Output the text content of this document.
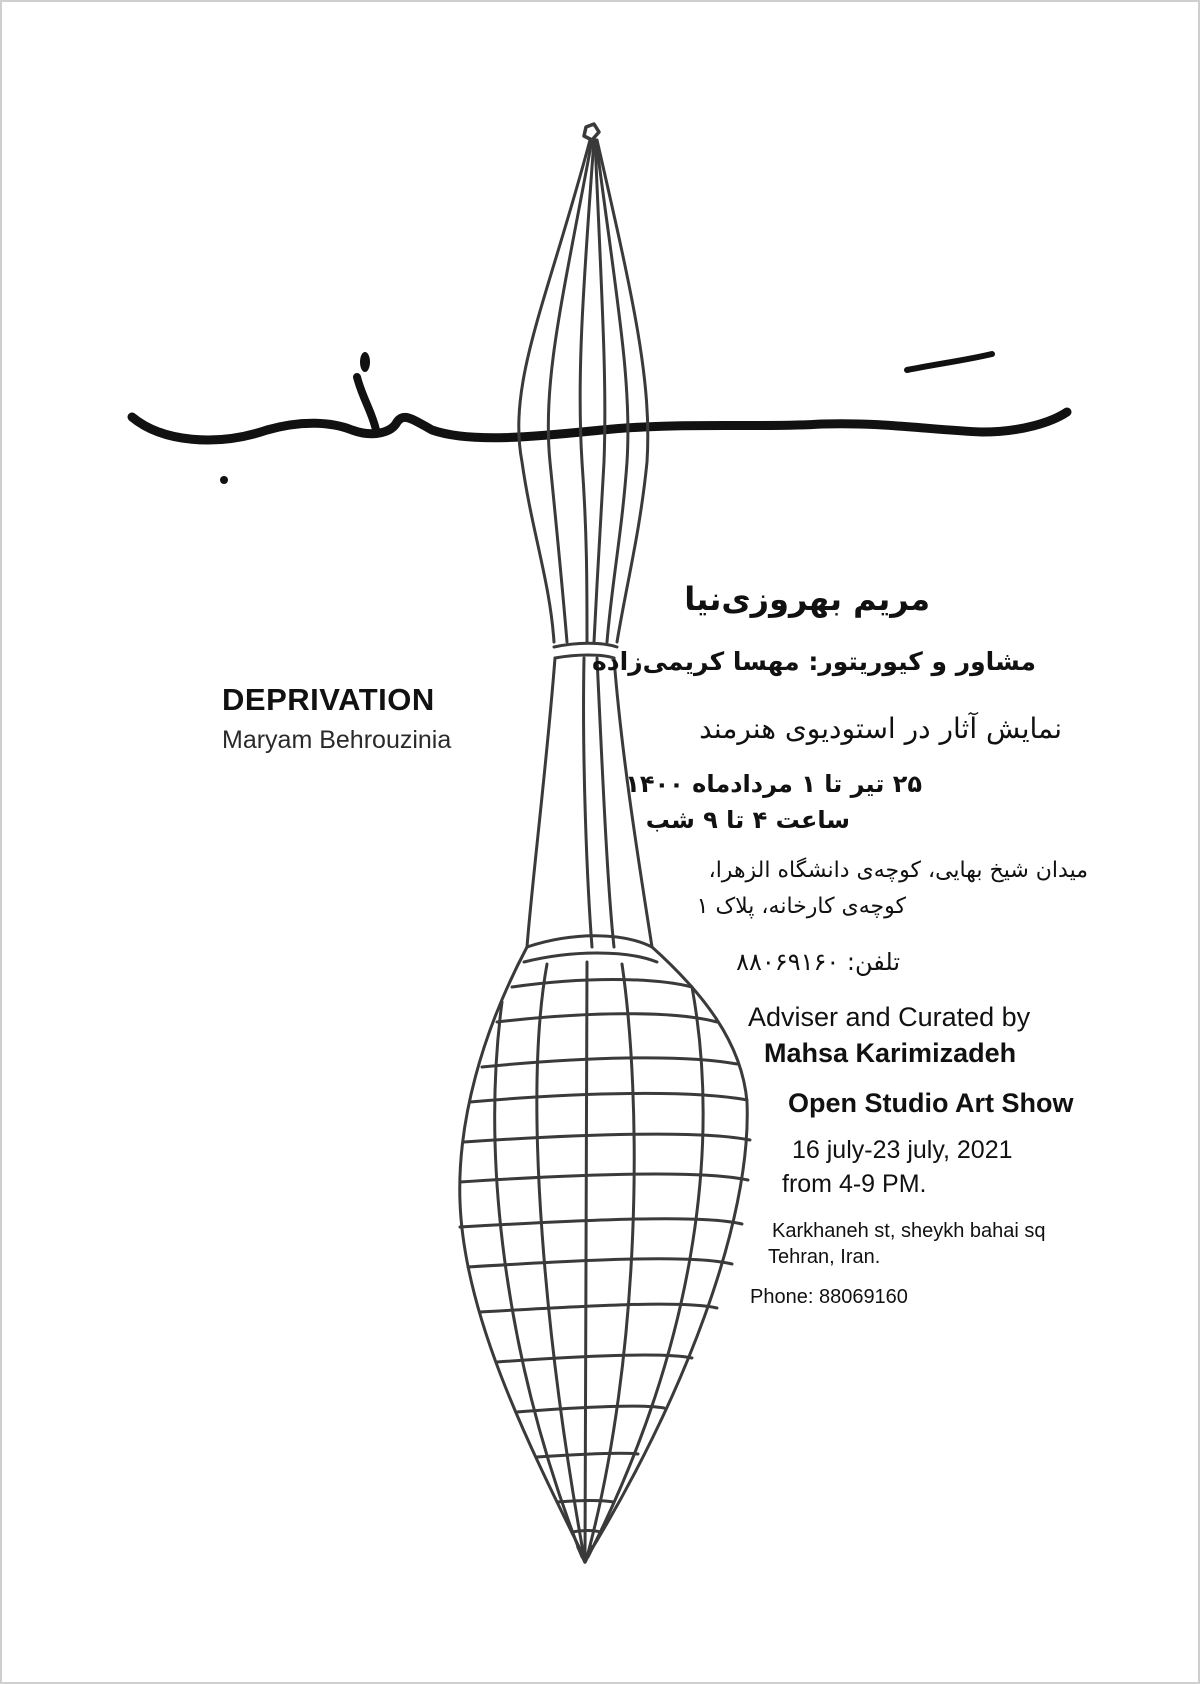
DEPRIVATION

Maryam Behrouzinia

مریم بهروزی‌نیا

مشاور و کیوریتور: مهسا کریمی‌زاده

نمایش آثار در استودیوی هنرمند

۲۵ تیر تا ۱ مردادماه ۱۴۰۰

ساعت ۴ تا ۹ شب

میدان شیخ بهایی، کوچه‌ی دانشگاه الزهرا،

کوچه‌ی کارخانه، پلاک ۱

تلفن: ۸۸۰۶۹۱۶۰

Adviser and Curated by

Mahsa Karimizadeh

Open Studio Art Show

16 july-23 july, 2021

from 4-9 PM.

Karkhaneh st, sheykh bahai sq

Tehran, Iran.

Phone: 88069160
